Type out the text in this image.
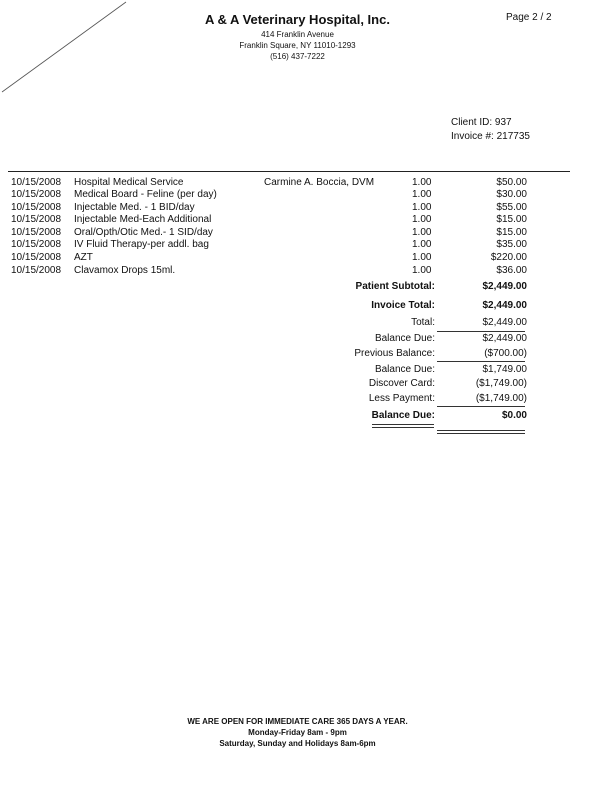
A & A Veterinary Hospital, Inc.
414 Franklin Avenue
Franklin Square, NY 11010-1293
(516) 437-7222
Page 2 / 2
Client ID: 937
Invoice #: 217735
10/15/2008 Hospital Medical Service	Carmine A. Boccia, DVM	1.00	$50.00
10/15/2008 Medical Board - Feline (per day)	1.00	$30.00
10/15/2008 Injectable Med. - 1 BID/day	1.00	$55.00
10/15/2008 Injectable Med-Each Additional	1.00	$15.00
10/15/2008 Oral/Opth/Otic Med.- 1 SID/day	1.00	$15.00
10/15/2008 IV Fluid Therapy-per addl. bag	1.00	$35.00
10/15/2008 AZT	1.00	$220.00
10/15/2008 Clavamox Drops 15ml.	1.00	$36.00
Patient Subtotal:	$2,449.00
Invoice Total:	$2,449.00
Total:	$2,449.00
Balance Due:	$2,449.00
Previous Balance:	($700.00)
Balance Due:	$1,749.00
Discover Card:	($1,749.00)
Less Payment:	($1,749.00)
Balance Due:	$0.00
WE ARE OPEN FOR IMMEDIATE CARE 365 DAYS A YEAR.
Monday-Friday 8am - 9pm
Saturday, Sunday and Holidays 8am-6pm
